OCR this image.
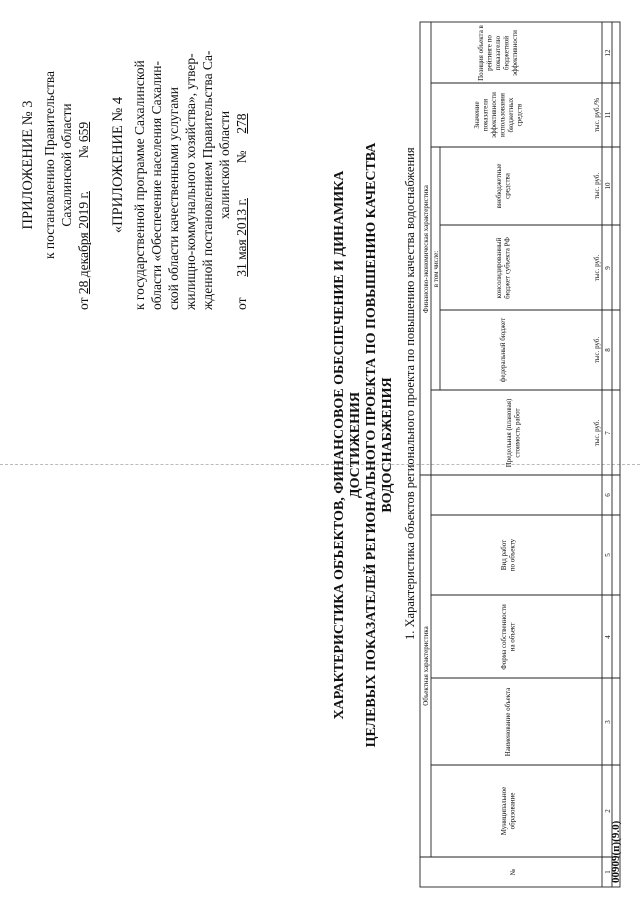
ПРИЛОЖЕНИЕ № 3 к постановлению Правительства Сахалинской области
от 28 декабря 2019 г.  № 659 «ПРИЛОЖЕНИЕ № 4 к государственной программе Сахалинской области «Обеспечение населения Сахалин- ской области качественными услугами жилищно-коммунального хозяйства», утвер- жденной постановлением Правительства Са- халинской области
от  31 мая 2013 г.  №  278
ХАРАКТЕРИСТИКА ОБЪЕКТОВ, ФИНАНСОВОЕ ОБЕСПЕЧЕНИЕ И ДИНАМИКА ДОСТИЖЕНИЯ ЦЕЛЕВЫХ ПОКАЗАТЕЛЕЙ РЕГИОНАЛЬНОГО ПРОЕКТА ПО ПОВЫШЕНИЮ КАЧЕСТВА ВОДОСНАБЖЕНИЯ 1. Характеристика объектов регионального проекта по повышению качества водоснабжения
Объектная характеристика
Финансово-экономическая характеристика в том числе:
№
Муниципальноеобразование
Наименование объекта
Форма собственностина объект
Вид работпо объекту
Предельная (плановая)стоимость работ
федеральный бюджет
консолидированныйбюджет субъекта РФ
внебюджетныесредства
Значениепоказателяэффективностииспользованиябюджетныхсредств
Позиция объекта врейтинге попоказателюбюджетнойэффективности
тыс. руб.
тыс. руб.
тыс. руб.
тыс. руб.
тыс. руб./%
1
2
3
4
5
6
7
8
9
10
11
12
00909(п)(9.0)
